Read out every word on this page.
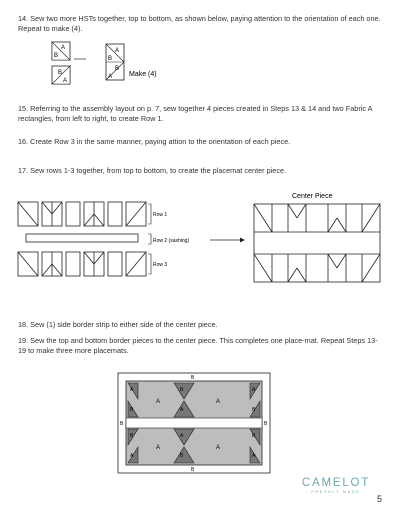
14. Sew two more HSTs together, top to bottom, as shown below, paying attention to the orientation of each one. Repeat to make (4).

A
B
B
A
A
B
B
A Make (4)

15. Referring to the assembly layout on p. 7, sew together 4 pieces created in Steps 13 & 14 and two Fabric A rectangles, from left to right, to create Row 1.

16. Create Row 3 in the same manner, paying attion to the orientation of each piece.

17. Sew rows 1-3 together, from top to bottom, to create the placemat center piece.

Row 1
Row 2 (sashing)
Row 3
Center Piece

18. Sew (1) side border strip to either side of the center piece.

19. Sew the top and bottom border pieces to the center piece. This completes one place-mat. Repeat Steps 13-19 to make three more placemats.

B
B	B
B
A	A
A	A
A
B
B
A
A
B
B
A
A
B
B
A
CAMELOT
FRESHLY MADE
5
